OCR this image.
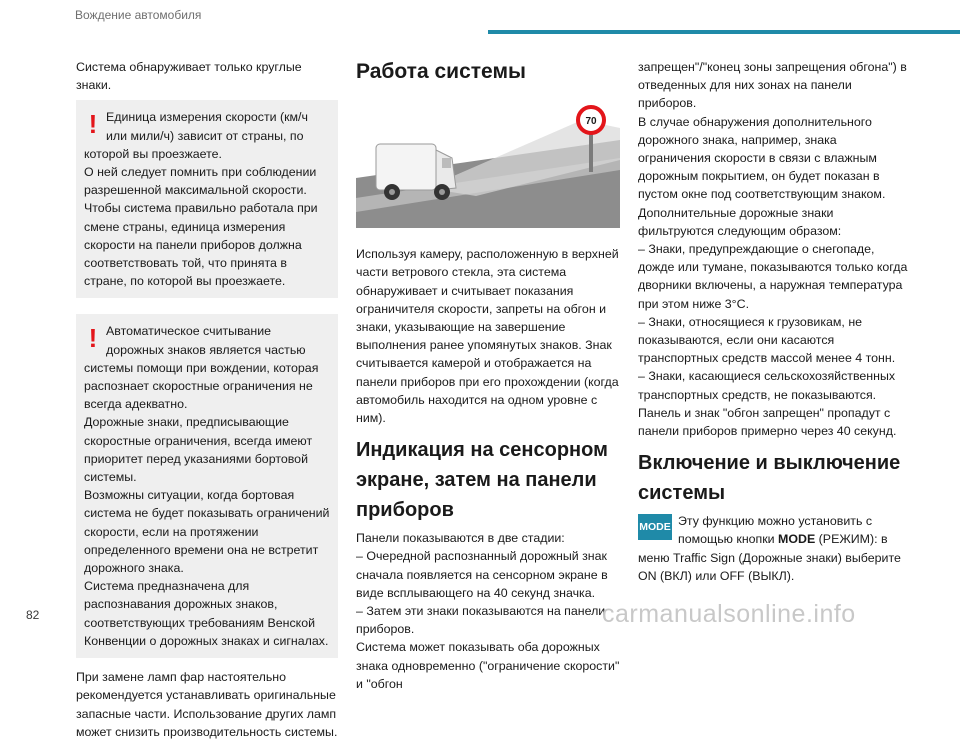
Вождение автомобиля

Система обнаруживает только круглые знаки.

! Единица измерения скорости (км/ч или мили/ч) зависит от страны, по которой вы проезжаете.

О ней следует помнить при соблюдении разрешенной максимальной скорости.

Чтобы система правильно работала при смене страны, единица измерения скорости на панели приборов должна соответствовать той, что принята в стране, по которой вы проезжаете.

! Автоматическое считывание дорожных знаков является частью системы помощи при вождении, которая распознает скоростные ограничения не всегда адекватно.

Дорожные знаки, предписывающие скоростные ограничения, всегда имеют приоритет перед указаниями бортовой системы.

Возможны ситуации, когда бортовая система не будет показывать ограничений скорости, если на протяжении определенного времени она не встретит дорожного знака.

Система предназначена для распознавания дорожных знаков, соответствующих требованиям Венской Конвенции о дорожных знаках и сигналах.

При замене ламп фар настоятельно рекомендуется устанавливать оригинальные запасные части. Использование других ламп может снизить производительность системы.

Работа системы
70

Используя камеру, расположенную в верхней части ветрового стекла, эта система обнаруживает и считывает показания ограничителя скорости, запреты на обгон и знаки, указывающие на завершение выполнения ранее упомянутых знаков. Знак считывается камерой и отображается на панели приборов при его прохождении (когда автомобиль находится на одном уровне с ним).

Индикация на сенсорном экране, затем на панели приборов

Панели показываются в две стадии:

– Очередной распознанный дорожный знак сначала появляется на сенсорном экране в виде всплывающего на 40 секунд значка.

– Затем эти знаки показываются на панели приборов.

Система может показывать оба дорожных знака одновременно ("ограничение скорости" и "обгон

запрещен"/"конец зоны запрещения обгона") в отведенных для них зонах на панели приборов.

В случае обнаружения дополнительного дорожного знака, например, знака ограничения скорости в связи с влажным дорожным покрытием, он будет показан в пустом окне под соответствующим знаком.

Дополнительные дорожные знаки фильтруются следующим образом:

– Знаки, предупреждающие о снегопаде, дожде или тумане, показываются только когда дворники включены, а наружная температура при этом ниже 3°C.

– Знаки, относящиеся к грузовикам, не показываются, если они касаются транспортных средств массой менее 4 тонн.

– Знаки, касающиеся сельскохозяйственных транспортных средств, не показываются.

Панель и знак "обгон запрещен" пропадут с панели приборов примерно через 40 секунд.

Включение и выключение системы
MODE Эту функцию можно установить с помощью кнопки MODE (РЕЖИМ): в меню Traffic Sign (Дорожные знаки) выберите ON (ВКЛ) или OFF (ВЫКЛ).
82	carmanualsonline.info
